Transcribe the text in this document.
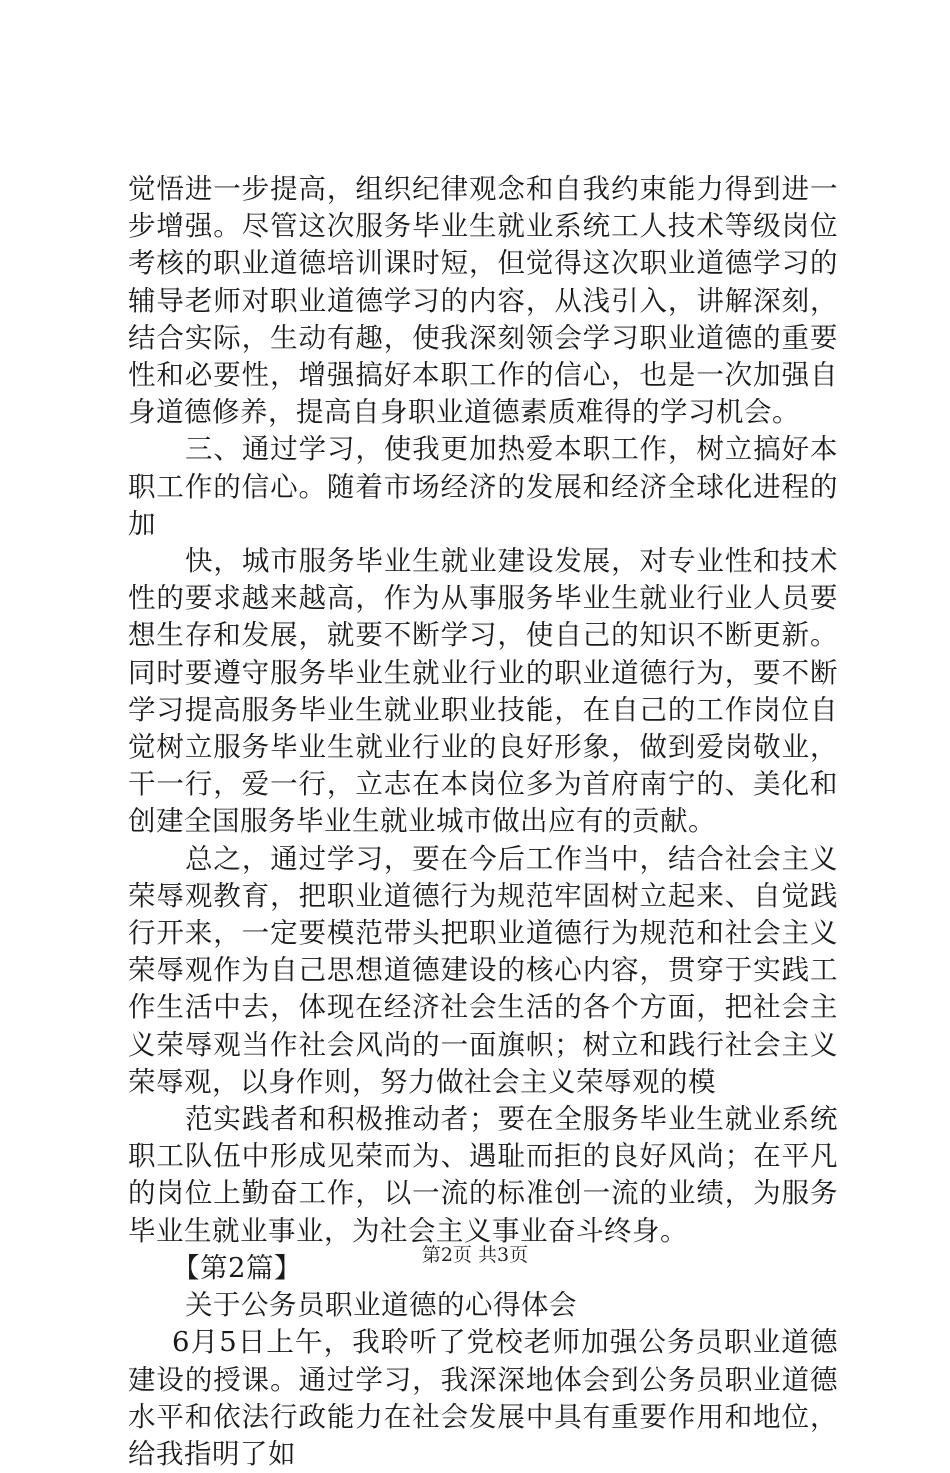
觉悟进一步提高，组织纪律观念和自我约束能力得到进一步增强。尽管这次服务毕业生就业系统工人技术等级岗位考核的职业道德培训课时短，但觉得这次职业道德学习的辅导老师对职业道德学习的内容，从浅引入，讲解深刻，结合实际，生动有趣，使我深刻领会学习职业道德的重要性和必要性，增强搞好本职工作的信心，也是一次加强自身道德修养，提高自身职业道德素质难得的学习机会。

三、通过学习，使我更加热爱本职工作，树立搞好本职工作的信心。随着市场经济的发展和经济全球化进程的加

快，城市服务毕业生就业建设发展，对专业性和技术性的要求越来越高，作为从事服务毕业生就业行业人员要想生存和发展，就要不断学习，使自己的知识不断更新。同时要遵守服务毕业生就业行业的职业道德行为，要不断学习提高服务毕业生就业职业技能，在自己的工作岗位自觉树立服务毕业生就业行业的良好形象，做到爱岗敬业，干一行，爱一行，立志在本岗位多为首府南宁的、美化和创建全国服务毕业生就业城市做出应有的贡献。

总之，通过学习，要在今后工作当中，结合社会主义荣辱观教育，把职业道德行为规范牢固树立起来、自觉践行开来，一定要模范带头把职业道德行为规范和社会主义荣辱观作为自己思想道德建设的核心内容，贯穿于实践工作生活中去，体现在经济社会生活的各个方面，把社会主义荣辱观当作社会风尚的一面旗帜；树立和践行社会主义荣辱观，以身作则，努力做社会主义荣辱观的模

范实践者和积极推动者；要在全服务毕业生就业系统职工队伍中形成见荣而为、遇耻而拒的良好风尚；在平凡的岗位上勤奋工作，以一流的标准创一流的业绩，为服务毕业生就业事业，为社会主义事业奋斗终身。

【第2篇】

关于公务员职业道德的心得体会

6月5日上午，我聆听了党校老师加强公务员职业道德建设的授课。通过学习，我深深地体会到公务员职业道德水平和依法行政能力在社会发展中具有重要作用和地位，给我指明了如

第2页 共3页
